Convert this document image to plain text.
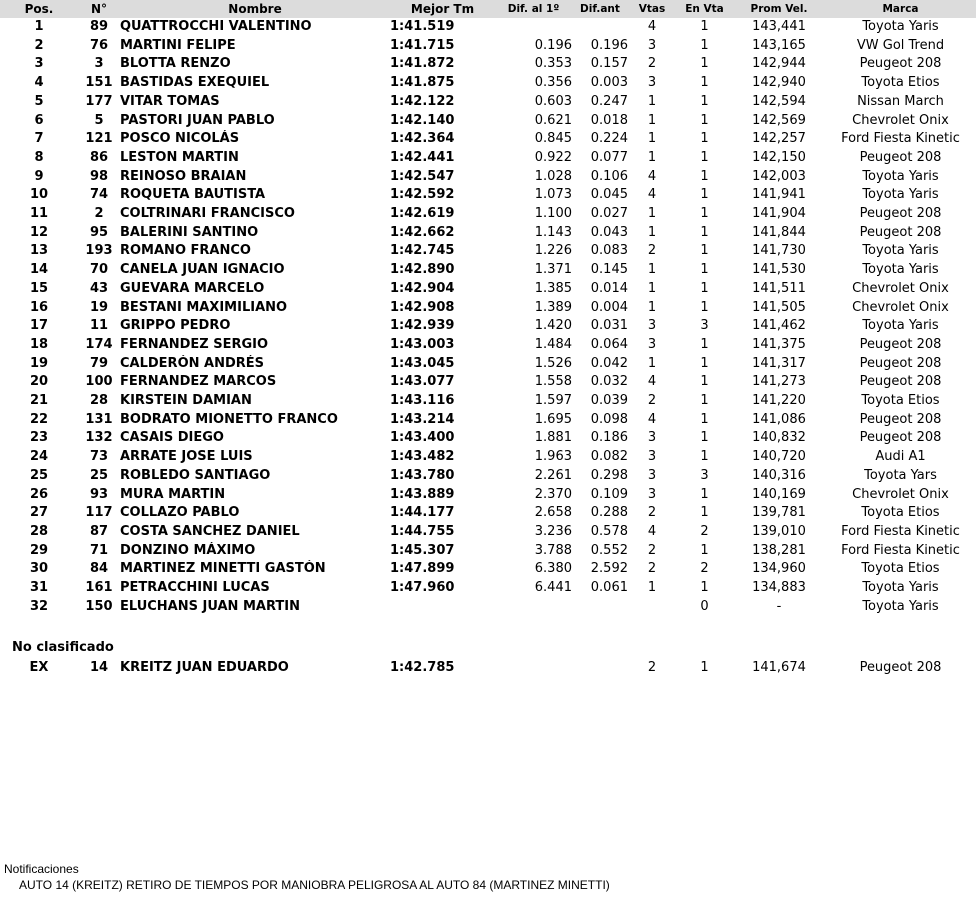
Pos.	N°	Nombre	Mejor Tm	Dif. al 1º	Dif.ant	Vtas	En Vta	Prom Vel.	Marca
1	89	QUATTROCCHI VALENTINO	1:41.519			4	1	143,441	Toyota Yaris
2	76	MARTINI FELIPE	1:41.715	0.196	0.196	3	1	143,165	VW Gol Trend
3	3	BLOTTA RENZO	1:41.872	0.353	0.157	2	1	142,944	Peugeot 208
4	151	BASTIDAS EXEQUIEL	1:41.875	0.356	0.003	3	1	142,940	Toyota Etios
5	177	VITAR TOMAS	1:42.122	0.603	0.247	1	1	142,594	Nissan March
6	5	PASTORI JUAN PABLO	1:42.140	0.621	0.018	1	1	142,569	Chevrolet Onix
7	121	POSCO NICOLÁS	1:42.364	0.845	0.224	1	1	142,257	Ford Fiesta Kinetic
8	86	LESTON MARTIN	1:42.441	0.922	0.077	1	1	142,150	Peugeot 208
9	98	REINOSO BRAIAN	1:42.547	1.028	0.106	4	1	142,003	Toyota Yaris
10	74	ROQUETA BAUTISTA	1:42.592	1.073	0.045	4	1	141,941	Toyota Yaris
11	2	COLTRINARI FRANCISCO	1:42.619	1.100	0.027	1	1	141,904	Peugeot 208
12	95	BALERINI SANTINO	1:42.662	1.143	0.043	1	1	141,844	Peugeot 208
13	193	ROMANO FRANCO	1:42.745	1.226	0.083	2	1	141,730	Toyota Yaris
14	70	CANELA JUAN IGNACIO	1:42.890	1.371	0.145	1	1	141,530	Toyota Yaris
15	43	GUEVARA MARCELO	1:42.904	1.385	0.014	1	1	141,511	Chevrolet Onix
16	19	BESTANI MAXIMILIANO	1:42.908	1.389	0.004	1	1	141,505	Chevrolet Onix
17	11	GRIPPO PEDRO	1:42.939	1.420	0.031	3	3	141,462	Toyota Yaris
18	174	FERNANDEZ SERGIO	1:43.003	1.484	0.064	3	1	141,375	Peugeot 208
19	79	CALDERÓN ANDRÉS	1:43.045	1.526	0.042	1	1	141,317	Peugeot 208
20	100	FERNANDEZ MARCOS	1:43.077	1.558	0.032	4	1	141,273	Peugeot 208
21	28	KIRSTEIN DAMIAN	1:43.116	1.597	0.039	2	1	141,220	Toyota Etios
22	131	BODRATO MIONETTO FRANCO	1:43.214	1.695	0.098	4	1	141,086	Peugeot 208
23	132	CASAIS DIEGO	1:43.400	1.881	0.186	3	1	140,832	Peugeot 208
24	73	ARRATE JOSE LUIS	1:43.482	1.963	0.082	3	1	140,720	Audi A1
25	25	ROBLEDO SANTIAGO	1:43.780	2.261	0.298	3	3	140,316	Toyota Yars
26	93	MURA MARTIN	1:43.889	2.370	0.109	3	1	140,169	Chevrolet Onix
27	117	COLLAZO PABLO	1:44.177	2.658	0.288	2	1	139,781	Toyota Etios
28	87	COSTA SANCHEZ DANIEL	1:44.755	3.236	0.578	4	2	139,010	Ford Fiesta Kinetic
29	71	DONZINO MÁXIMO	1:45.307	3.788	0.552	2	1	138,281	Ford Fiesta Kinetic
30	84	MARTINEZ MINETTI GASTÓN	1:47.899	6.380	2.592	2	2	134,960	Toyota Etios
31	161	PETRACCHINI LUCAS	1:47.960	6.441	0.061	1	1	134,883	Toyota Yaris
32	150	ELUCHANS JUAN MARTIN					0	-	Toyota Yaris
No clasificado
EX	14	KREITZ JUAN EDUARDO	1:42.785			2	1	141,674	Peugeot 208
Notificaciones
AUTO 14 (KREITZ) RETIRO DE TIEMPOS POR MANIOBRA PELIGROSA AL AUTO 84 (MARTINEZ MINETTI)
